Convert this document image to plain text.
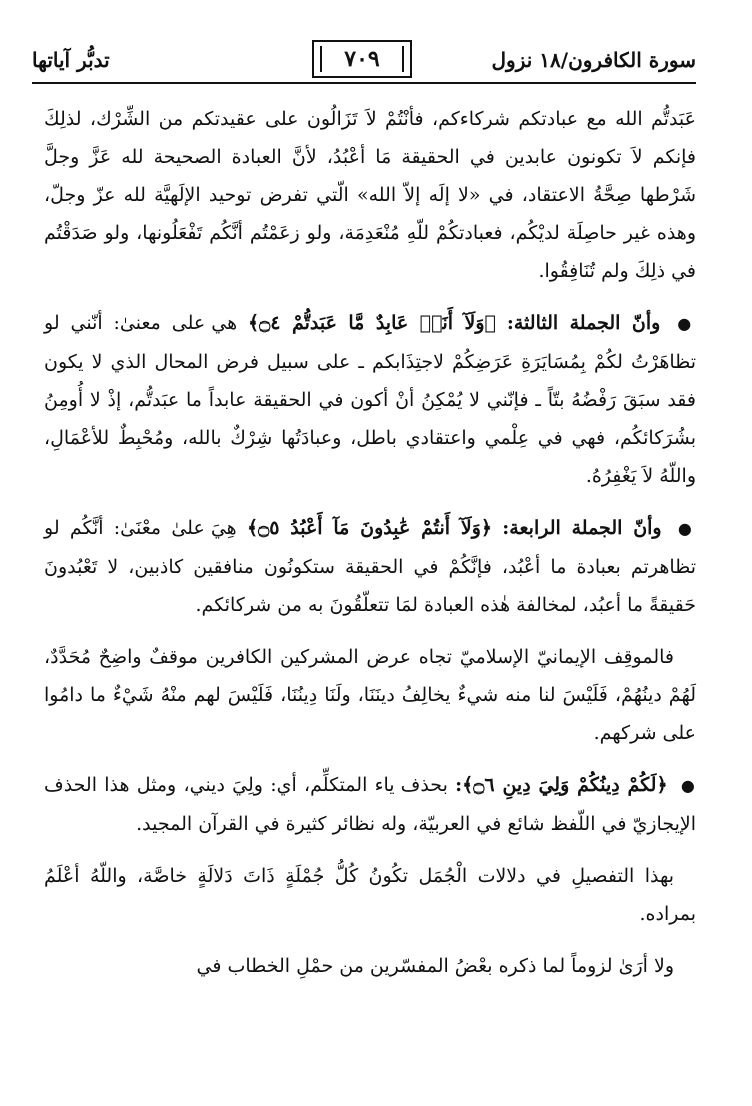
سورة الكافرون/١٨ نزول
٧٠٩
تدبُّر آياتها

عَبَدتُّم الله مع عبادتكم شركاءكم، فأنْتُمْ لاَ تَزَالُون على عقيدتكم من الشِّرْك، لذلِكَ فإنكم لاَ تكونون عابدين في الحقيقة مَا أعْبُدُ، لأنَّ العبادة الصحيحة لله عَزَّ وجلَّ شَرْطها صِحَّةُ الاعتقاد، في «لا إلَه إلاّ الله» الّتي تفرض توحيد الإلَهيَّة لله عزّ وجلّ، وهذه غير حاصِلَة لديْكُم، فعبادتكُمْ للّهِ مُنْعَدِمَة، ولو زعَمْتُم أنَّكُم تَفْعَلُونها، ولو صَدَقْتُم في ذلِكَ ولم تُنَافِقُوا.

● وأنّ الجملة الثالثة: ﴿وَلَآ أَنَا۠ عَابِدٌ مَّا عَبَدتُّمْ ۝٤﴾ هي على معنىٰ: أنّني لو تظاهَرْتُ لكُمْ بِمُسَايَرَةِ عَرَضِكُمْ لاجتِذَابكم ـ على سبيل فرض المحال الذي لا يكون فقد سبَقَ رَفْضُهُ بتّاً ـ فإنّني لا يُمْكِنُ أنْ أكون في الحقيقة عابداً ما عبَدتُّم، إذْ لا أُومِنُ بشُرَكائكُم، فهي في عِلْمي واعتقادي باطل، وعبادَتُها شِرْكٌ بالله، ومُحْبِطٌ للأعْمَالِ، واللّهُ لاَ يَغْفِرُهُ.

● وأنّ الجملة الرابعة: ﴿وَلَآ أَنتُمْ عَٰبِدُونَ مَآ أَعْبُدُ ۝٥﴾ هِيَ علىٰ معْنَىٰ: أنَّكُم لو تظاهرتم بعبادة ما أعْبُد، فإنَّكُمْ في الحقيقة ستكونُون منافقين كاذبين، لا تَعْبُدونَ حَقيقةً ما أعبُد، لمخالفة هٰذه العبادة لمَا تتعلّقُونَ به من شركائكم.

فالموقِف الإيمانيّ الإسلاميّ تجاه عرض المشركين الكافرين موقفٌ واضِحٌ مُحَدَّدٌ، لَهُمْ دينُهُمْ، فَلَيْسَ لنا منه شيءٌ يخالِفُ دينَنَا، ولَنَا دِينُنَا، فَلَيْسَ لهم منْهُ شَيْءٌ ما دامُوا على شركهم.

● ﴿لَكُمْ دِينُكُمْ وَلِيَ دِينِ ۝٦﴾: بحذف ياء المتكلِّم، أي: ولِيَ ديني، ومثل هذا الحذف الإيجازيّ في اللّفظ شائع في العربيّة، وله نظائر كثيرة في القرآن المجيد.

بهذا التفصيلِ في دلالات الْجُمَل تكُونُ كُلُّ جُمْلَةٍ ذَاتَ دَلالَةٍ خاصَّة، واللّهُ أعْلَمُ بمراده.

ولا أرَىٰ لزوماً لما ذكره بعْضُ المفسّرين من حمْلِ الخطاب في
